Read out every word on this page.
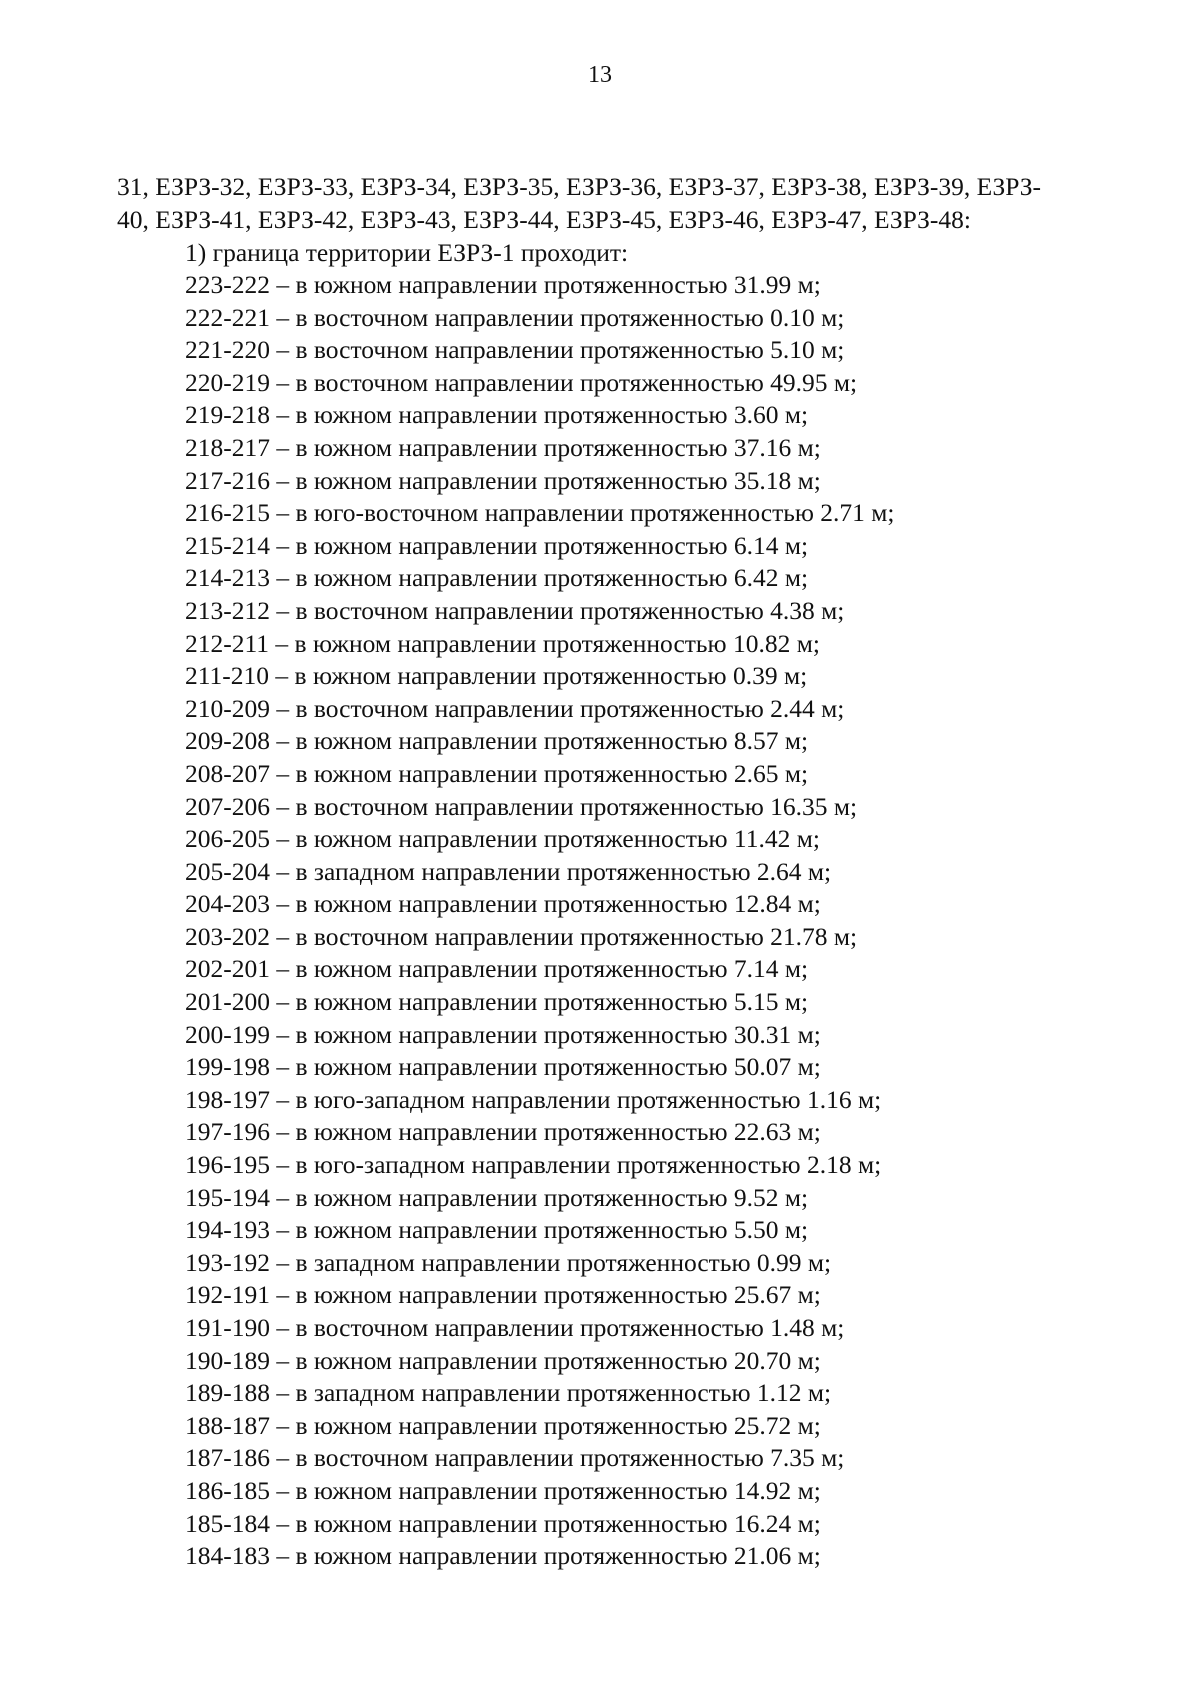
13
31, ЕЗРЗ-32, ЕЗРЗ-33, ЕЗРЗ-34, ЕЗРЗ-35, ЕЗРЗ-36, ЕЗРЗ-37, ЕЗРЗ-38, ЕЗРЗ-39, ЕЗРЗ-
40, ЕЗРЗ-41, ЕЗРЗ-42, ЕЗРЗ-43, ЕЗРЗ-44, ЕЗРЗ-45, ЕЗРЗ-46, ЕЗРЗ-47, ЕЗРЗ-48:
1) граница территории ЕЗРЗ-1 проходит:
223-222 – в южном направлении протяженностью 31.99 м;
222-221 – в восточном направлении протяженностью 0.10 м;
221-220 – в восточном направлении протяженностью 5.10 м;
220-219 – в восточном направлении протяженностью 49.95 м;
219-218 – в южном направлении протяженностью 3.60 м;
218-217 – в южном направлении протяженностью 37.16 м;
217-216 – в южном направлении протяженностью 35.18 м;
216-215 – в юго-восточном направлении протяженностью 2.71 м;
215-214 – в южном направлении протяженностью 6.14 м;
214-213 – в южном направлении протяженностью 6.42 м;
213-212 – в восточном направлении протяженностью 4.38 м;
212-211 – в южном направлении протяженностью 10.82 м;
211-210 – в южном направлении протяженностью 0.39 м;
210-209 – в восточном направлении протяженностью 2.44 м;
209-208 – в южном направлении протяженностью 8.57 м;
208-207 – в южном направлении протяженностью 2.65 м;
207-206 – в восточном направлении протяженностью 16.35 м;
206-205 – в южном направлении протяженностью 11.42 м;
205-204 – в западном направлении протяженностью 2.64 м;
204-203 – в южном направлении протяженностью 12.84 м;
203-202 – в восточном направлении протяженностью 21.78 м;
202-201 – в южном направлении протяженностью 7.14 м;
201-200 – в южном направлении протяженностью 5.15 м;
200-199 – в южном направлении протяженностью 30.31 м;
199-198 – в южном направлении протяженностью 50.07 м;
198-197 – в юго-западном направлении протяженностью 1.16 м;
197-196 – в южном направлении протяженностью 22.63 м;
196-195 – в юго-западном направлении протяженностью 2.18 м;
195-194 – в южном направлении протяженностью 9.52 м;
194-193 – в южном направлении протяженностью 5.50 м;
193-192 – в западном направлении протяженностью 0.99 м;
192-191 – в южном направлении протяженностью 25.67 м;
191-190 – в восточном направлении протяженностью 1.48 м;
190-189 – в южном направлении протяженностью 20.70 м;
189-188 – в западном направлении протяженностью 1.12 м;
188-187 – в южном направлении протяженностью 25.72 м;
187-186 – в восточном направлении протяженностью 7.35 м;
186-185 – в южном направлении протяженностью 14.92 м;
185-184 – в южном направлении протяженностью 16.24 м;
184-183 – в южном направлении протяженностью 21.06 м;
